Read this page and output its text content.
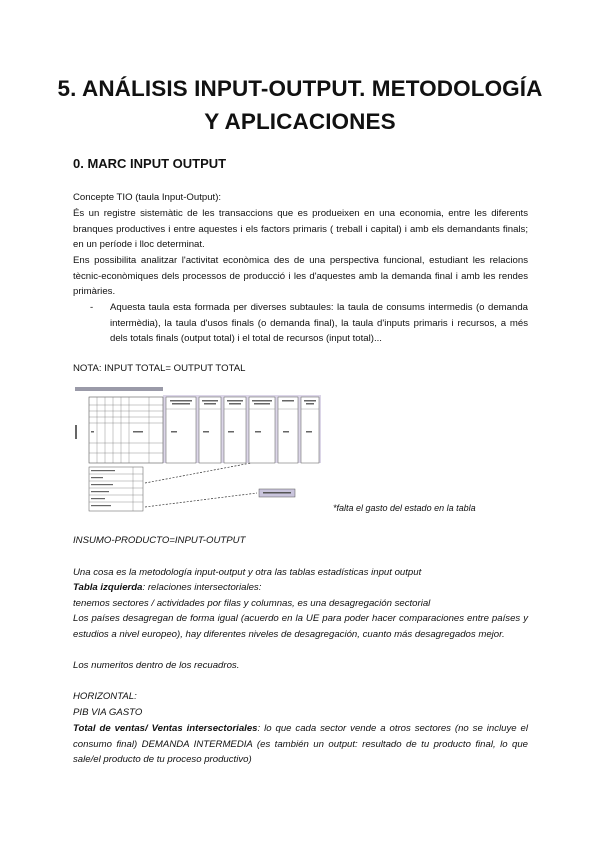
5. ANÁLISIS INPUT-OUTPUT. METODOLOGÍA
Y APLICACIONES
0. MARC INPUT OUTPUT
Concepte TIO (taula Input-Output):
És un registre sistemàtic de les transaccions que es produeixen en una economia, entre les diferents branques productives i entre aquestes i els factors primaris ( treball i capital) i amb els demandants finals; en un període i lloc determinat.
Ens possibilita analitzar l'activitat econòmica des de una perspectiva funcional, estudiant les relacions tècnic-econòmiques dels processos de producció i les d'aquestes amb la demanda final i amb les rendes primàries.
- Aquesta taula esta formada per diverses subtaules: la taula de consums intermedis (o demanda intermèdia), la taula d'usos finals (o demanda final), la taula d'inputs primaris i recursos, a més dels totals finals (output total) i el total de recursos (input total)...
NOTA: INPUT TOTAL= OUTPUT TOTAL
*falta el gasto del estado en la tabla
INSUMO-PRODUCTO=INPUT-OUTPUT
Una cosa es la metodología input-output y otra las tablas estadísticas input output
Tabla izquierda: relaciones intersectoriales:
tenemos sectores / actividades por filas y columnas, es una desagregación sectorial
Los países desagregan de forma igual (acuerdo en la UE para poder hacer comparaciones entre países y estudios a nivel europeo), hay diferentes niveles de desagregación, cuanto más desagregados mejor.
Los numeritos dentro de los recuadros.
HORIZONTAL:
PIB VIA GASTO
Total de ventas/ Ventas intersectoriales: lo que cada sector vende a otros sectores (no se incluye el consumo final) DEMANDA INTERMEDIA (es también un output: resultado de tu producto final, lo que sale/el producto de tu proceso productivo)
